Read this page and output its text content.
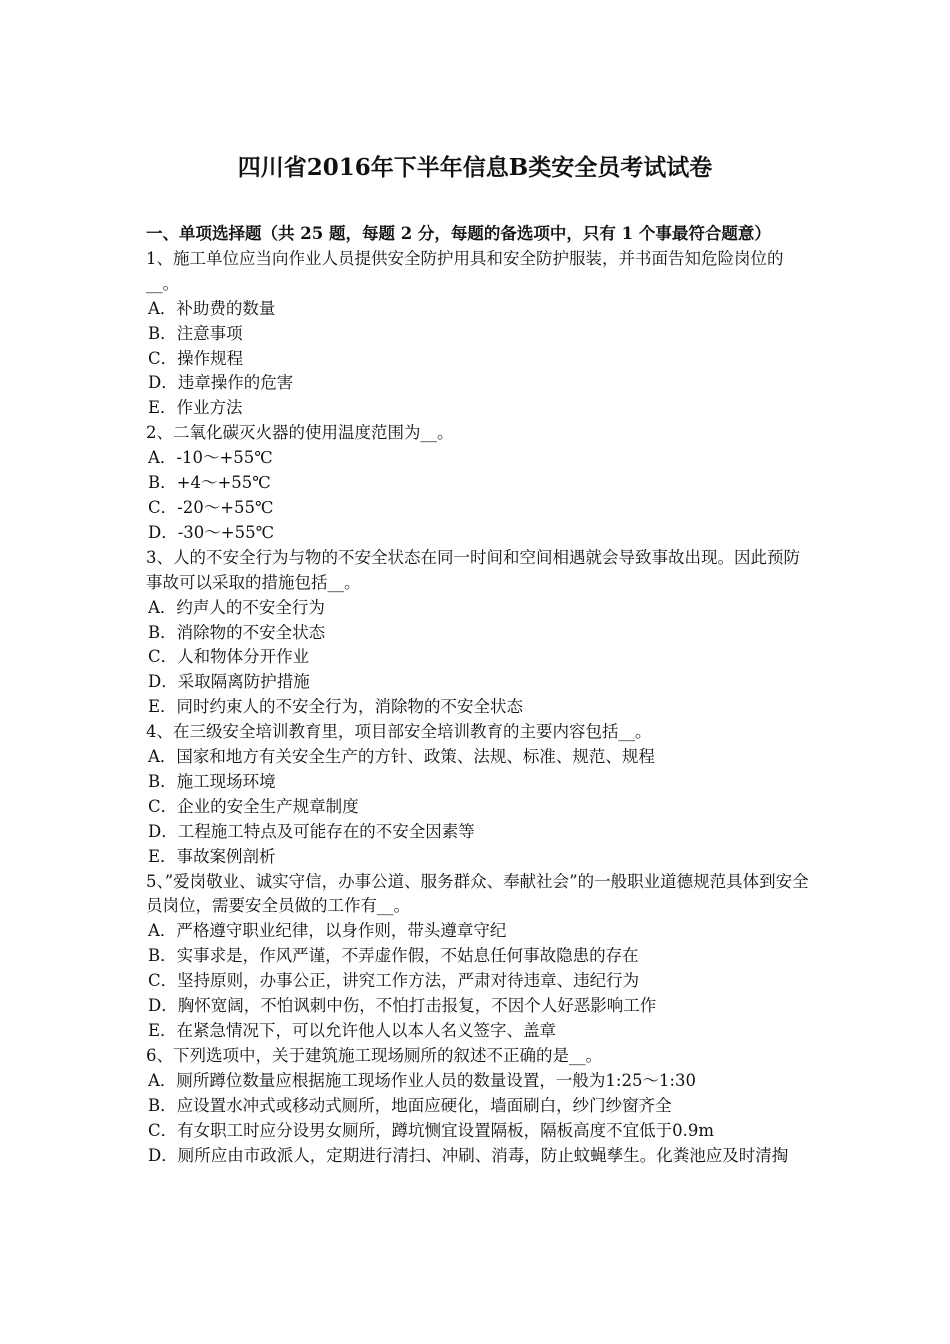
四川省2016年下半年信息B类安全员考试试卷

一、单项选择题（共 25 题，每题 2 分，每题的备选项中，只有 1 个事最符合题意）

1、施工单位应当向作业人员提供安全防护用具和安全防护服装，并书面告知危险岗位的__。

A．补助费的数量

B．注意事项

C．操作规程

D．违章操作的危害

E．作业方法

2、二氧化碳灭火器的使用温度范围为__。

A．-10～+55℃

B．+4～+55℃

C．-20～+55℃

D．-30～+55℃

3、人的不安全行为与物的不安全状态在同一时间和空间相遇就会导致事故出现。因此预防事故可以采取的措施包括__。

A．约声人的不安全行为

B．消除物的不安全状态

C．人和物体分开作业

D．采取隔离防护措施

E．同时约束人的不安全行为，消除物的不安全状态

4、在三级安全培训教育里，项目部安全培训教育的主要内容包括__。

A．国家和地方有关安全生产的方针、政策、法规、标准、规范、规程

B．施工现场环境

C．企业的安全生产规章制度

D．工程施工特点及可能存在的不安全因素等

E．事故案例剖析

5、”爱岗敬业、诚实守信，办事公道、服务群众、奉献社会”的一般职业道德规范具体到安全员岗位，需要安全员做的工作有__。

A．严格遵守职业纪律，以身作则，带头遵章守纪

B．实事求是，作风严谨，不弄虚作假，不姑息任何事故隐患的存在

C．坚持原则，办事公正，讲究工作方法，严肃对待违章、违纪行为

D．胸怀宽阔，不怕讽刺中伤，不怕打击报复，不因个人好恶影响工作

E．在紧急情况下，可以允许他人以本人名义签字、盖章

6、下列选项中，关于建筑施工现场厕所的叙述不正确的是__。

A．厕所蹲位数量应根据施工现场作业人员的数量设置，一般为1:25～1:30

B．应设置水冲式或移动式厕所，地面应硬化，墙面刷白，纱门纱窗齐全

C．有女职工时应分设男女厕所，蹲坑恻宜设置隔板，隔板高度不宜低于0.9m

D．厕所应由市政派人，定期进行清扫、冲刷、消毒，防止蚊蝇孳生。化粪池应及时清掏
